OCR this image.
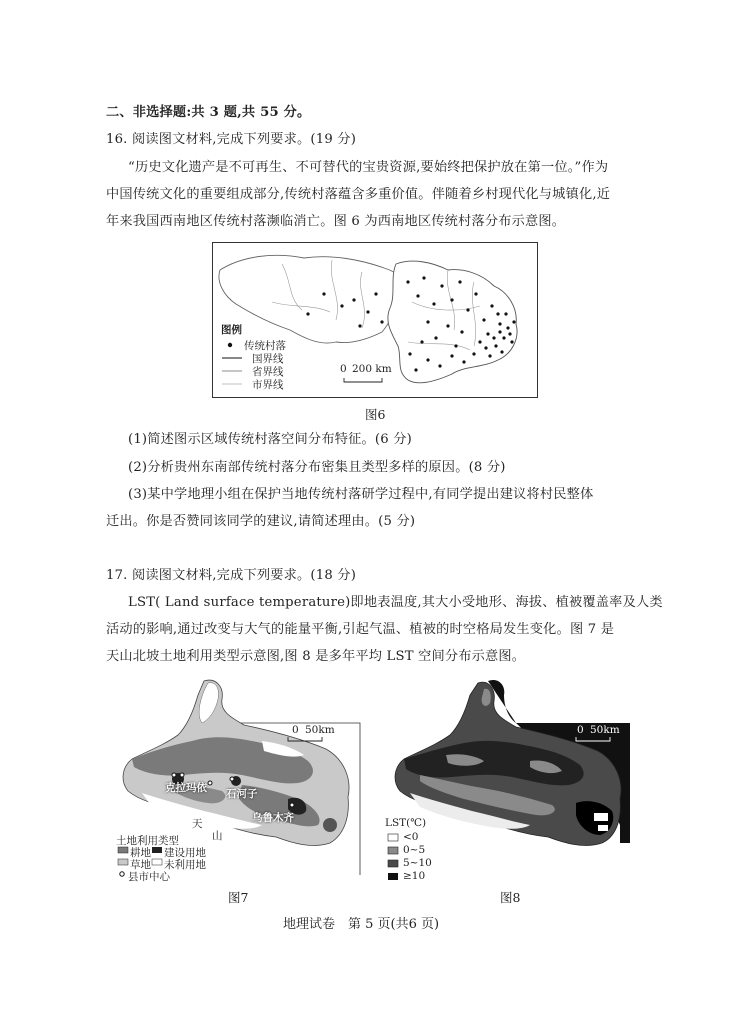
二、非选择题:共 3 题,共 55 分。
16. 阅读图文材料,完成下列要求。(19 分)
“历史文化遗产是不可再生、不可替代的宝贵资源,要始终把保护放在第一位。”作为
中国传统文化的重要组成部分,传统村落蕴含多重价值。伴随着乡村现代化与城镇化,近
年来我国西南地区传统村落濒临消亡。图 6 为西南地区传统村落分布示意图。
图例
传统村落
国界线
省界线
市界线
0 200 km
图6
(1)简述图示区域传统村落空间分布特征。(6 分)
(2)分析贵州东南部传统村落分布密集且类型多样的原因。(8 分)
(3)某中学地理小组在保护当地传统村落研学过程中,有同学提出建议将村民整体
迁出。你是否赞同该同学的建议,请简述理由。(5 分)
17. 阅读图文材料,完成下列要求。(18 分)
LST( Land surface temperature)即地表温度,其大小受地形、海拔、植被覆盖率及人类
活动的影响,通过改变与大气的能量平衡,引起气温、植被的时空格局发生变化。图 7 是
天山北坡土地利用类型示意图,图 8 是多年平均 LST 空间分布示意图。
0 50km
克拉玛依 石河子
乌鲁木齐
天
山
土地利用类型
耕地 建设用地
草地 未利用地
县市中心
图7
0 50km
LST(℃)
<0
0~5
5~10
≥10
图8
地理试卷　第 5 页(共6 页)
